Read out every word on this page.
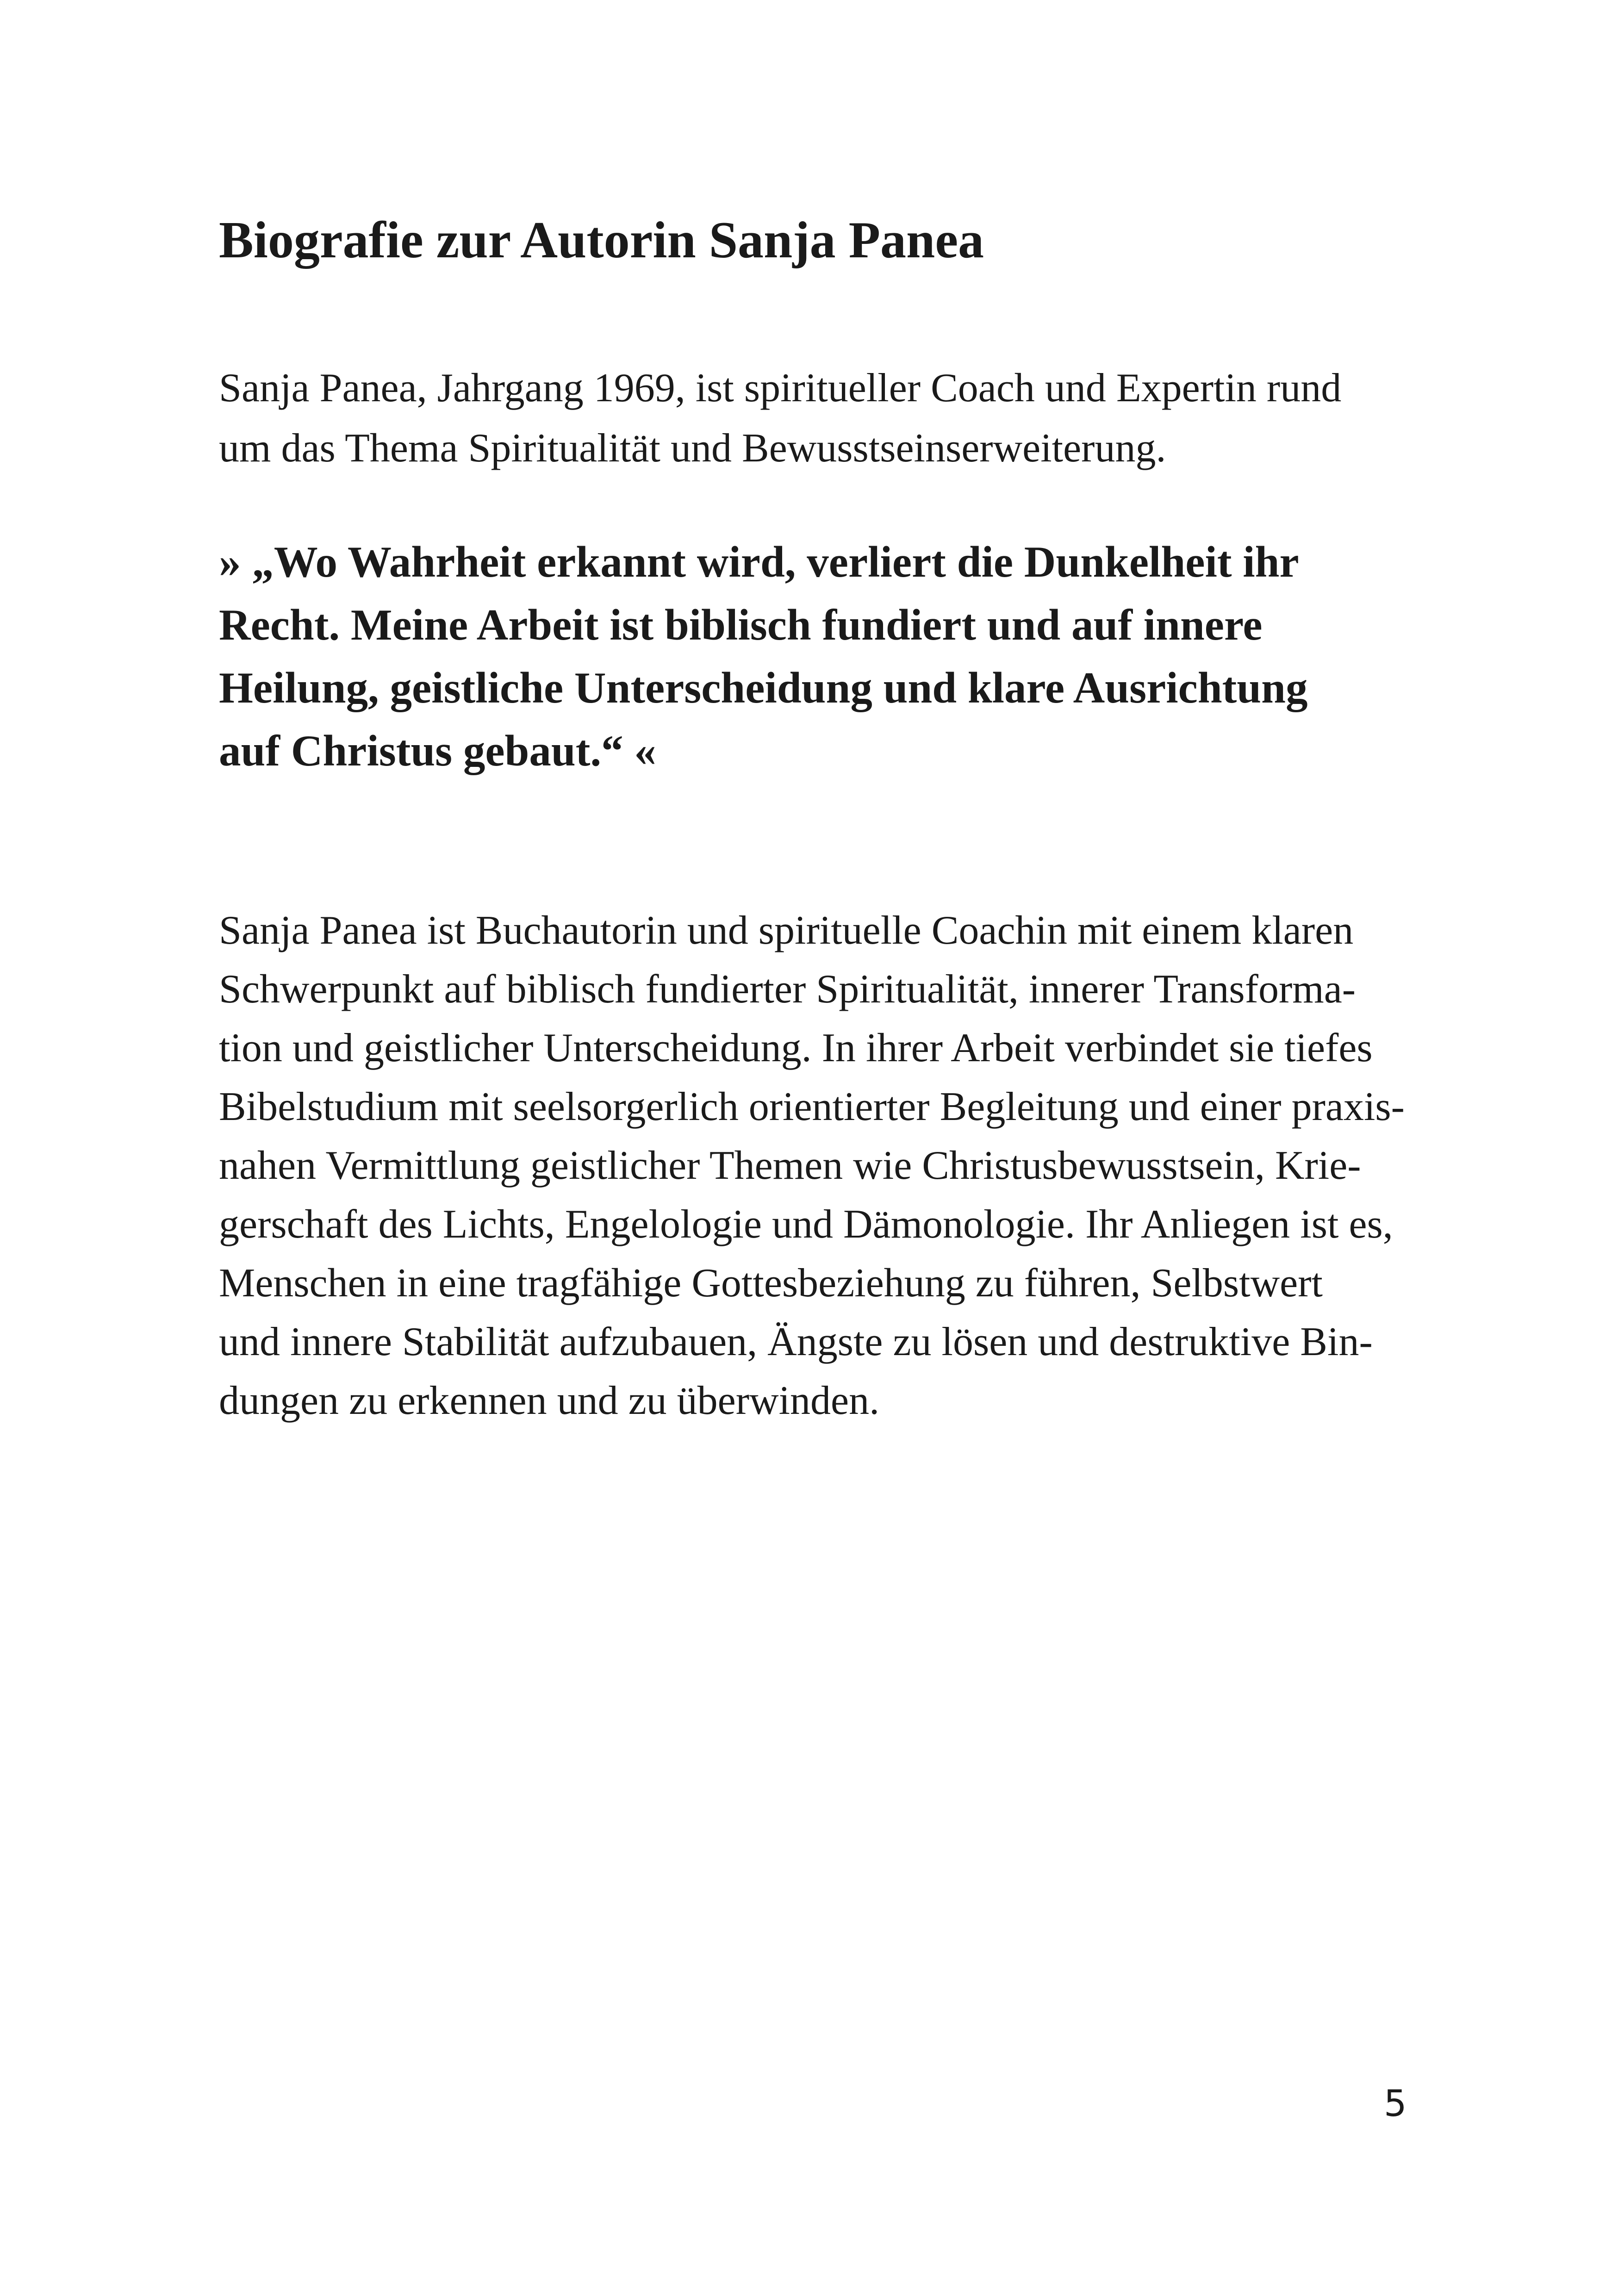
Biografie zur Autorin Sanja Panea

Sanja Panea, Jahrgang 1969, ist spiritueller Coach und Expertin rund

um das Thema Spiritualität und Bewusstseinserweiterung.

» „Wo Wahrheit erkannt wird, verliert die Dunkelheit ihr

Recht. Meine Arbeit ist biblisch fundiert und auf innere

Heilung, geistliche Unterscheidung und klare Ausrichtung

auf Christus gebaut.“ «

Sanja Panea ist Buchautorin und spirituelle Coachin mit einem klaren

Schwerpunkt auf biblisch fundierter Spiritualität, innerer Transforma-

tion und geistlicher Unterscheidung. In ihrer Arbeit verbindet sie tiefes

Bibelstudium mit seelsorgerlich orientierter Begleitung und einer praxis-

nahen Vermittlung geistlicher Themen wie Christusbewusstsein, Krie-

gerschaft des Lichts, Engelologie und Dämonologie. Ihr Anliegen ist es,

Menschen in eine tragfähige Gottesbeziehung zu führen, Selbstwert

und innere Stabilität aufzubauen, Ängste zu lösen und destruktive Bin-

dungen zu erkennen und zu überwinden.

5
